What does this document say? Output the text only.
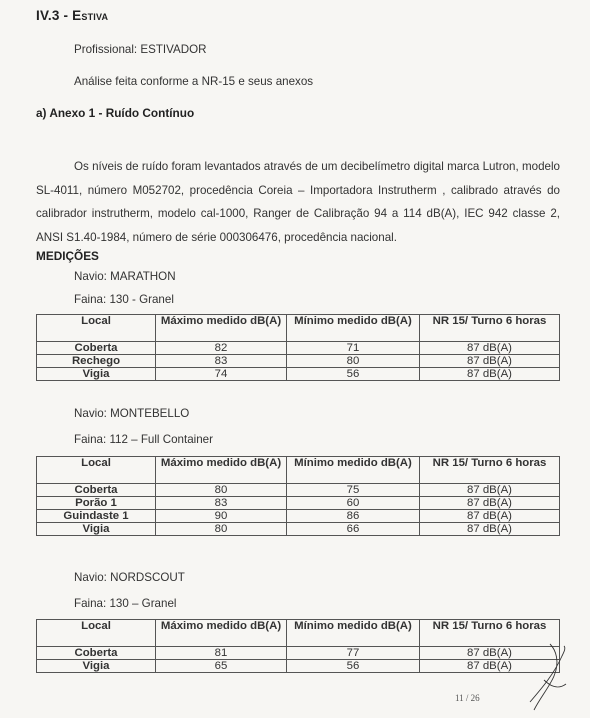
IV.3 - Estiva
Profissional: ESTIVADOR
Análise feita conforme a NR-15 e seus anexos
a) Anexo 1 - Ruído Contínuo
Os níveis de ruído foram levantados através de um decibelímetro digital marca Lutron, modelo SL-4011, número M052702, procedência Coreia – Importadora Instrutherm , calibrado através do calibrador instrutherm, modelo cal-1000, Ranger de Calibração 94 a 114 dB(A), IEC 942 classe 2, ANSI S1.40-1984, número de série 000306476, procedência nacional.
MEDIÇÕES
Navio: MARATHON
Faina: 130 - Granel
Local	Máximo medido dB(A)	Mínimo medido dB(A)	NR 15/ Turno 6 horas
Coberta	82	71	87 dB(A)
Rechego	83	80	87 dB(A)
Vigia	74	56	87 dB(A)
Navio: MONTEBELLO
Faina: 112 – Full Container
Local	Máximo medido dB(A)	Mínimo medido dB(A)	NR 15/ Turno 6 horas
Coberta	80	75	87 dB(A)
Porão 1	83	60	87 dB(A)
Guindaste 1	90	86	87 dB(A)
Vigia	80	66	87 dB(A)
Navio: NORDSCOUT
Faina: 130 – Granel
Local	Máximo medido dB(A)	Mínimo medido dB(A)	NR 15/ Turno 6 horas
Coberta	81	77	87 dB(A)
Vigia	65	56	87 dB(A)
11 / 26
